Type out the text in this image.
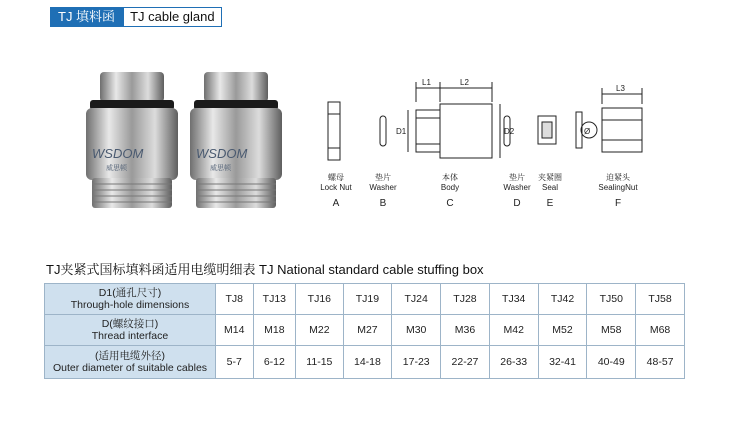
TJ 填料函	TJ cable gland
WSDOM
威思顿
WSDOM
威思顿
L1	L2
L3
D1	D2	Ø
螺母
Lock Nut
A
垫片
Washer
B
本体
Body
C
垫片
Washer
D
夹紧圈
Seal
E
迫紧头
SealingNut
F
TJ夹紧式国标填料函适用电缆明细表 TJ National standard cable stuffing box
D1(通孔尺寸)
Through-hole dimensions	TJ8	TJ13	TJ16	TJ19	TJ24	TJ28	TJ34	TJ42	TJ50	TJ58

D(螺纹接口)
Thread interface	M14	M18	M22	M27	M30	M36	M42	M52	M58	M68

(适用电缆外径)
Outer diameter of suitable cables	5-7	6-12	11-15	14-18	17-23	22-27	26-33	32-41	40-49	48-57
